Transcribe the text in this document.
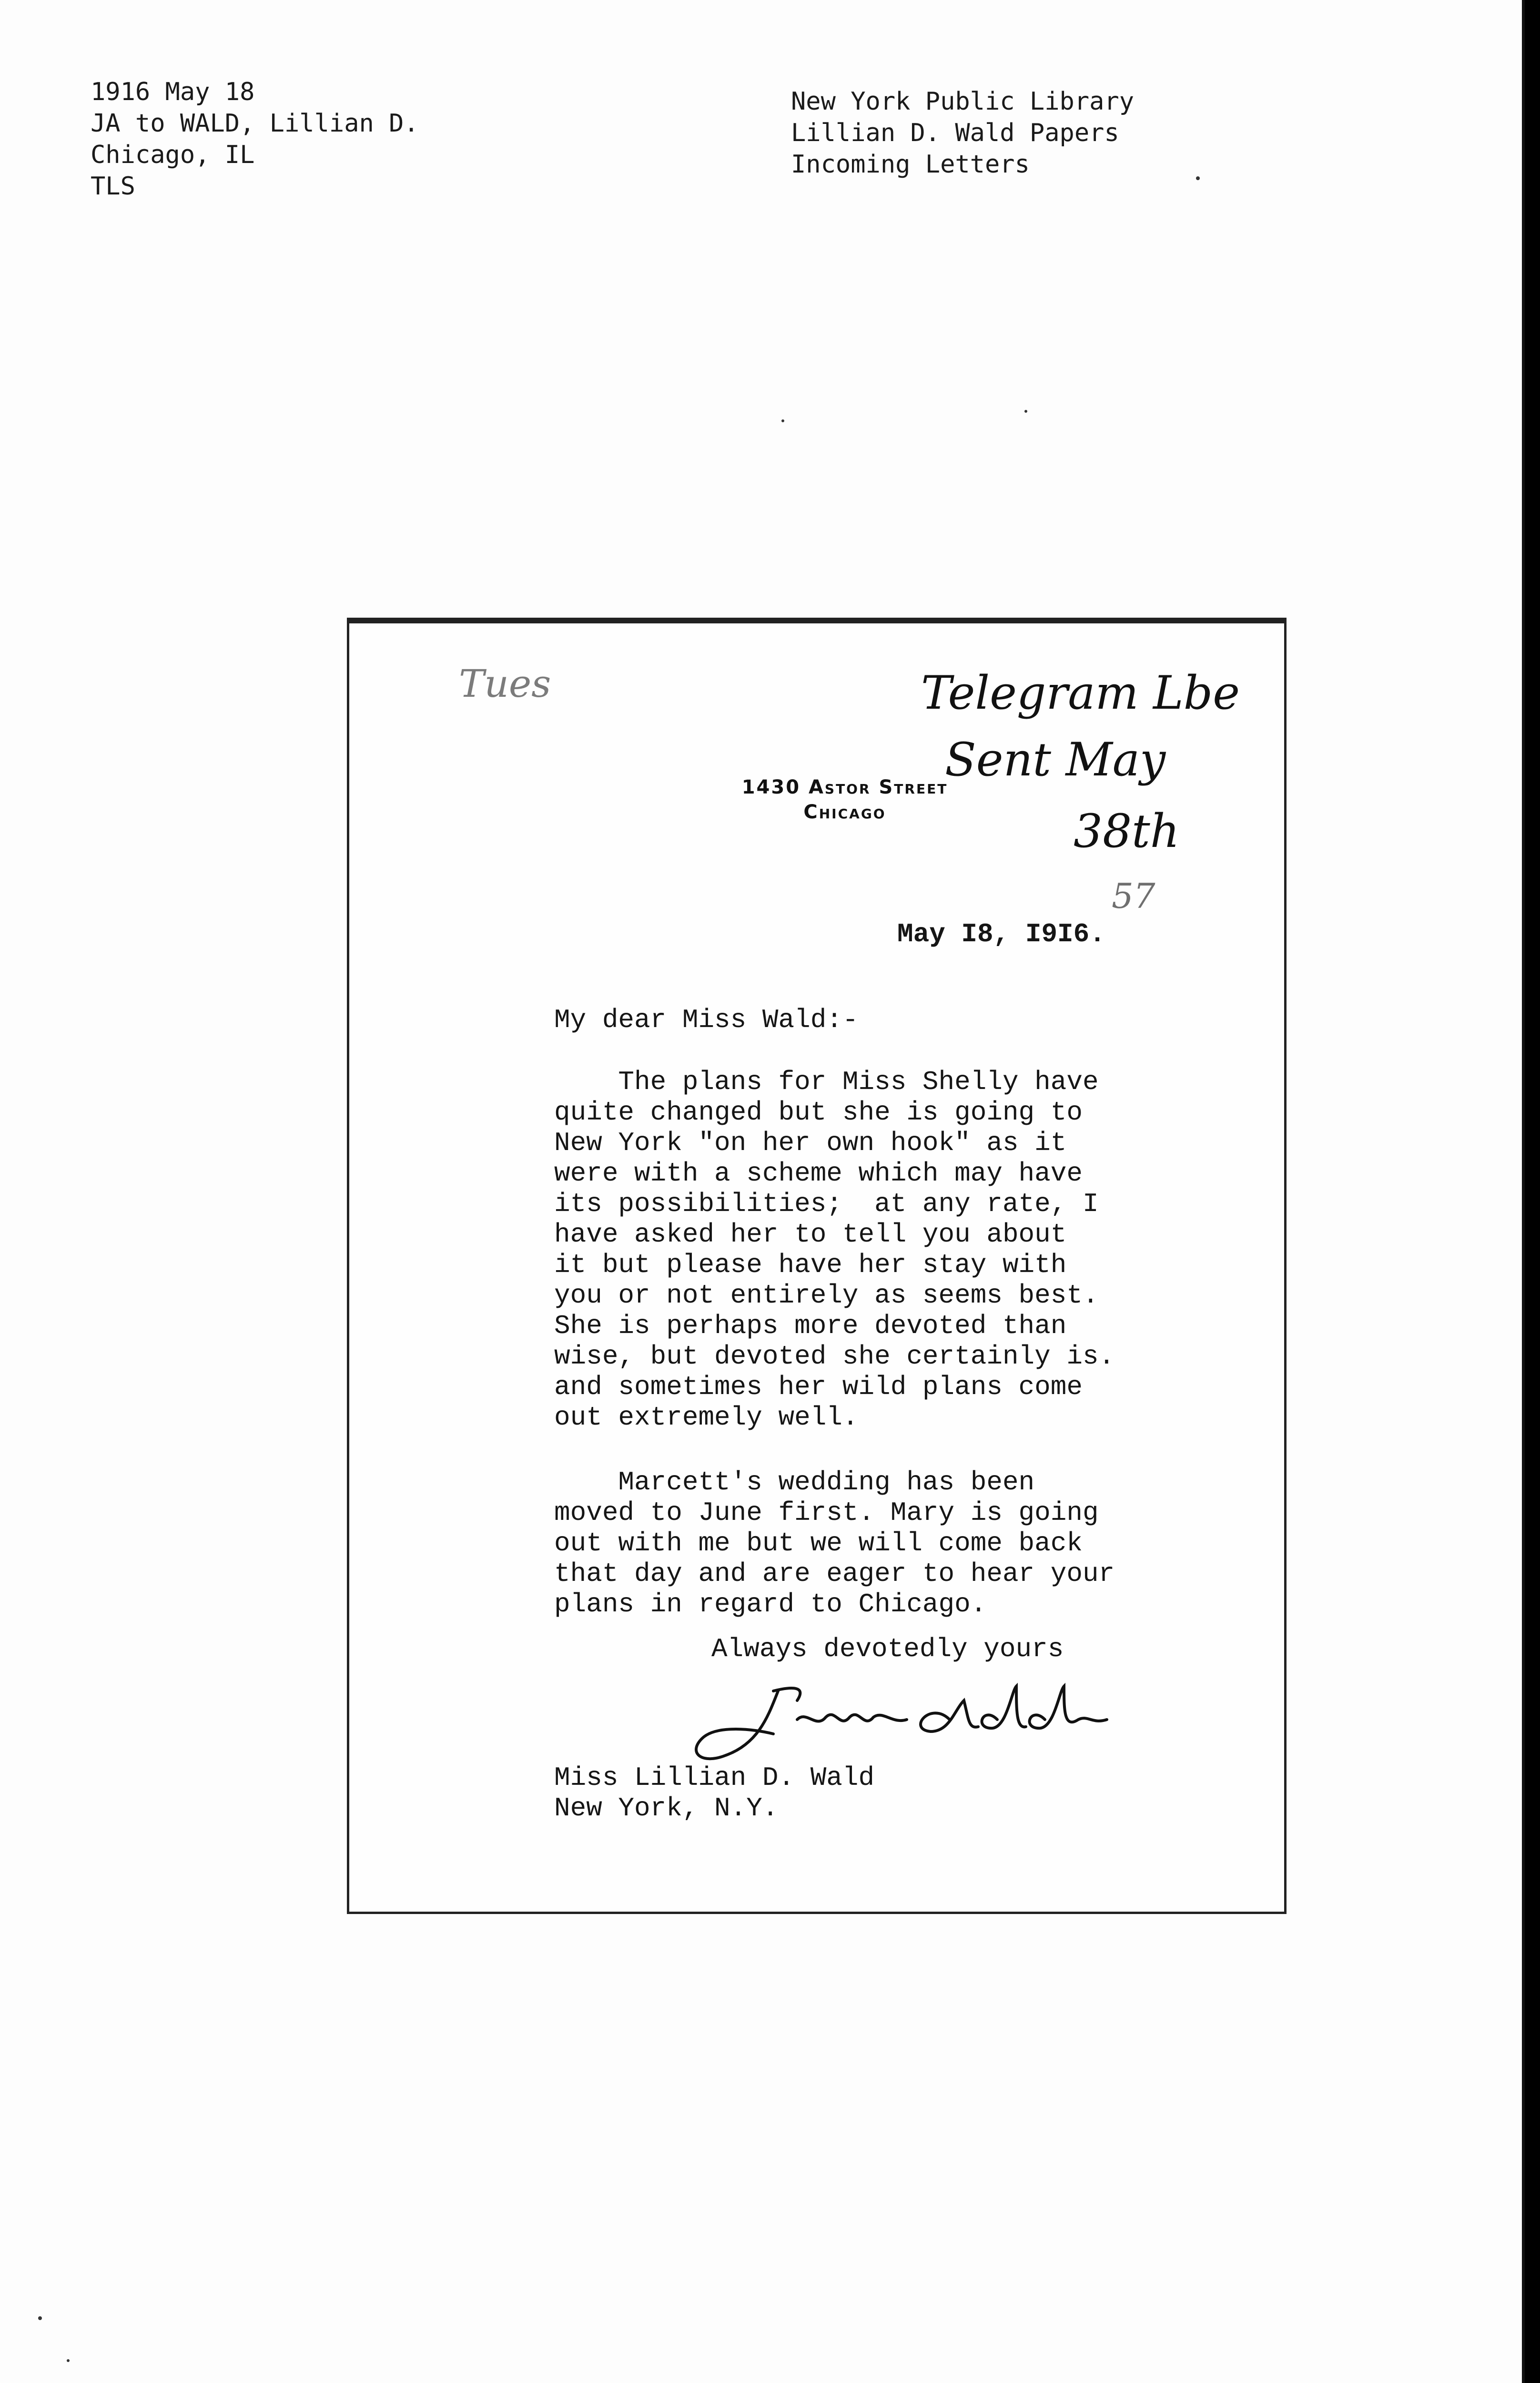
1916 May 18
JA to WALD, Lillian D.
Chicago, IL
TLS
New York Public Library
Lillian D. Wald Papers
Incoming Letters
Tues	Telegram Lbe
Sent May
38th
57
1430 Astor Street
Chicago
May I8, I9I6.
My dear Miss Wald:-
The plans for Miss Shelly have
quite changed but she is going to
New York "on her own hook" as it
were with a scheme which may have
its possibilities;  at any rate, I
have asked her to tell you about
it but please have her stay with
you or not entirely as seems best.
She is perhaps more devoted than
wise, but devoted she certainly is.
and sometimes her wild plans come
out extremely well.
Marcett's wedding has been
moved to June first. Mary is going
out with me but we will come back
that day and are eager to hear your
plans in regard to Chicago.
Always devotedly yours
Miss Lillian D. Wald
New York, N.Y.
